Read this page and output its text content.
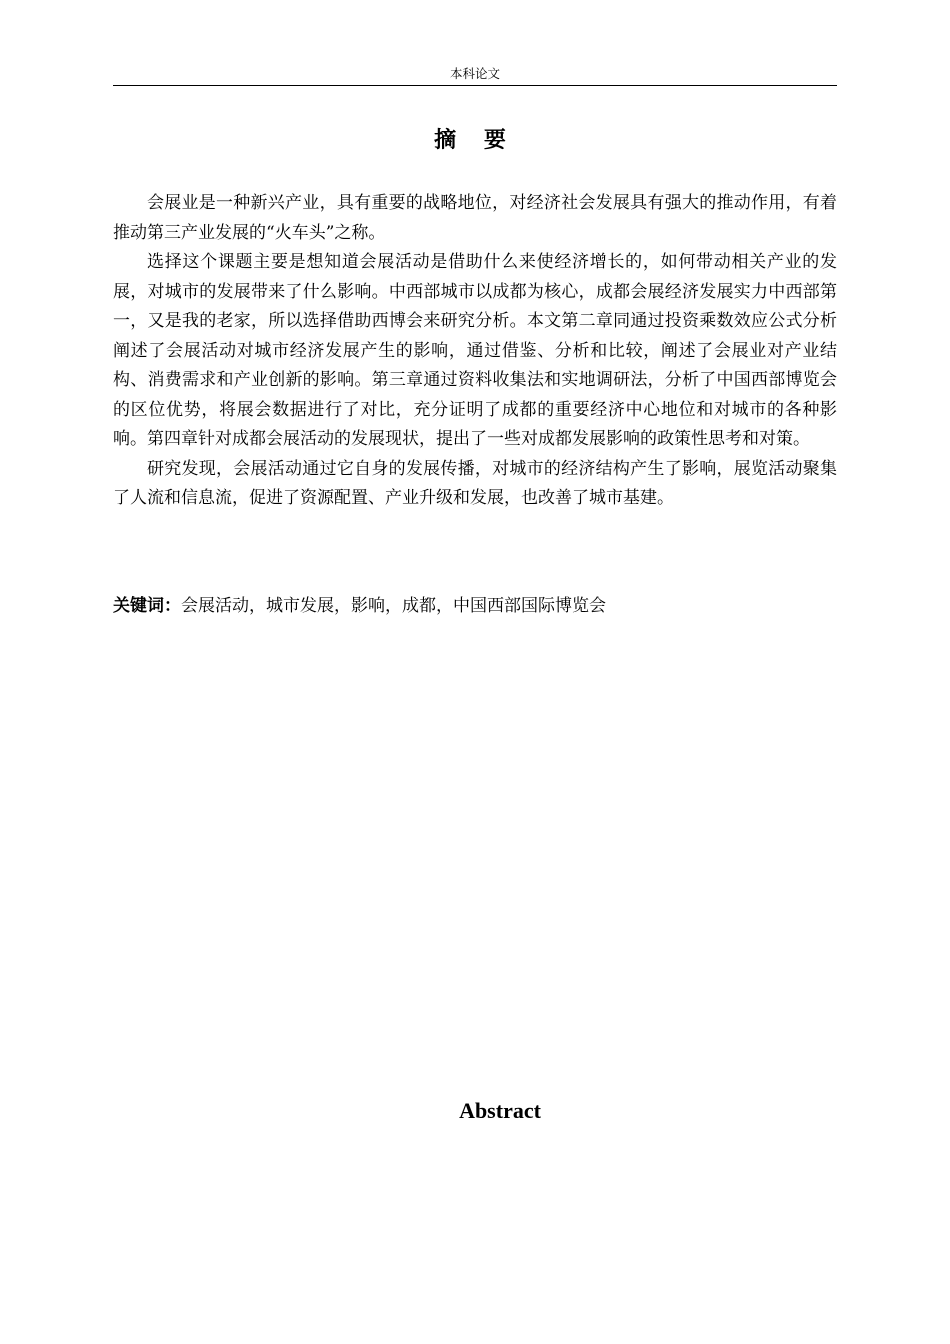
本科论文
摘 要

会展业是一种新兴产业，具有重要的战略地位，对经济社会发展具有强大的推动作用，有着推动第三产业发展的“火车头”之称。

选择这个课题主要是想知道会展活动是借助什么来使经济增长的，如何带动相关产业的发展，对城市的发展带来了什么影响。中西部城市以成都为核心，成都会展经济发展实力中西部第一，又是我的老家，所以选择借助西博会来研究分析。本文第二章同通过投资乘数效应公式分析阐述了会展活动对城市经济发展产生的影响，通过借鉴、分析和比较，阐述了会展业对产业结构、消费需求和产业创新的影响。第三章通过资料收集法和实地调研法，分析了中国西部博览会的区位优势，将展会数据进行了对比，充分证明了成都的重要经济中心地位和对城市的各种影响。第四章针对成都会展活动的发展现状，提出了一些对成都发展影响的政策性思考和对策。

研究发现，会展活动通过它自身的发展传播，对城市的经济结构产生了影响，展览活动聚集了人流和信息流，促进了资源配置、产业升级和发展，也改善了城市基建。

关键词：会展活动，城市发展，影响，成都，中国西部国际博览会
Abstract
